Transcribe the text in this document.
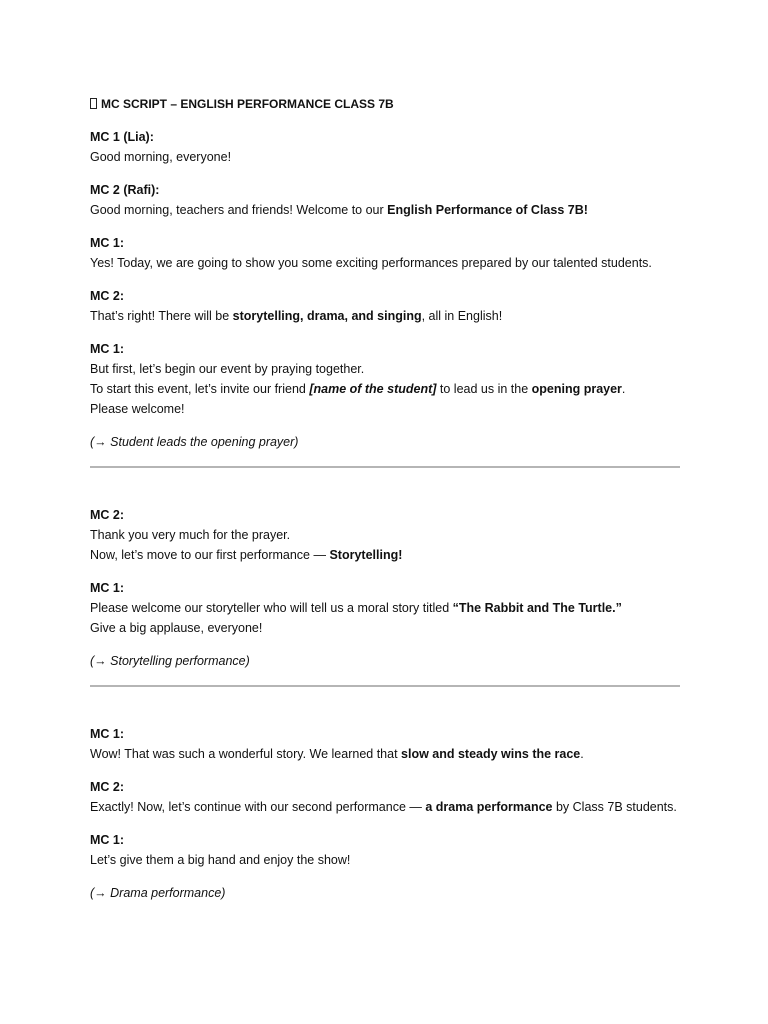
MC SCRIPT – ENGLISH PERFORMANCE CLASS 7B
MC 1 (Lia):
Good morning, everyone!
MC 2 (Rafi):
Good morning, teachers and friends! Welcome to our English Performance of Class 7B!
MC 1:
Yes! Today, we are going to show you some exciting performances prepared by our talented students.
MC 2:
That’s right! There will be storytelling, drama, and singing, all in English!
MC 1:
But first, let’s begin our event by praying together.
To start this event, let’s invite our friend [name of the student] to lead us in the opening prayer.
Please welcome!
(→ Student leads the opening prayer)
MC 2:
Thank you very much for the prayer.
Now, let’s move to our first performance — Storytelling!
MC 1:
Please welcome our storyteller who will tell us a moral story titled “The Rabbit and The Turtle.”
Give a big applause, everyone!
(→ Storytelling performance)
MC 1:
Wow! That was such a wonderful story. We learned that slow and steady wins the race.
MC 2:
Exactly! Now, let’s continue with our second performance — a drama performance by Class 7B students.
MC 1:
Let’s give them a big hand and enjoy the show!
(→ Drama performance)
